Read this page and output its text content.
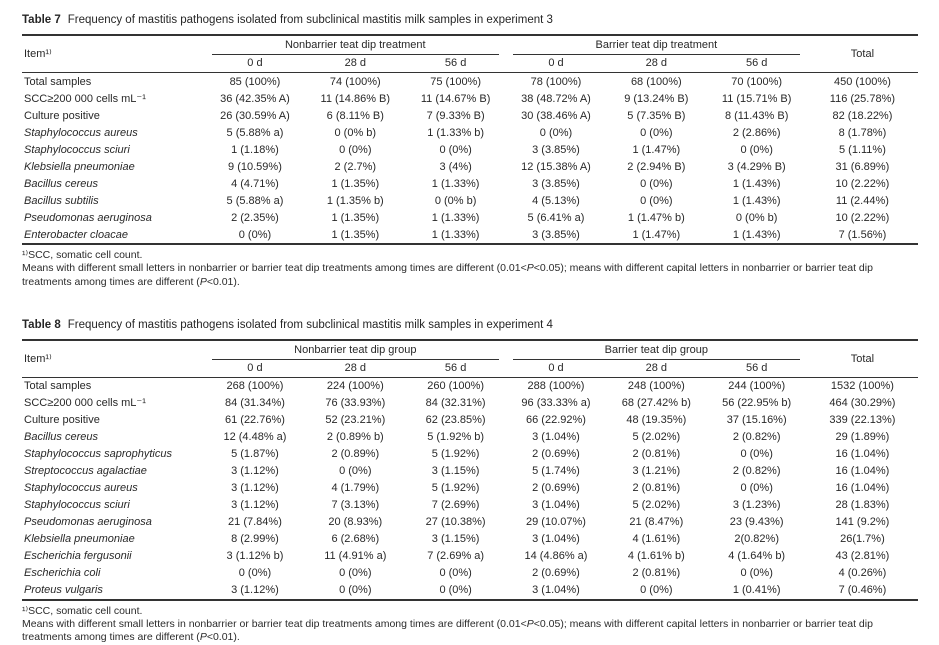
Table 7 Frequency of mastitis pathogens isolated from subclinical mastitis milk samples in experiment 3

Item¹⁾	Nonbarrier teat dip treatment			Barrier teat dip treatment			Total
	0 d	28 d	56 d	0 d	28 d	56 d	
Total samples	85 (100%)	74 (100%)	75 (100%)	78 (100%)	68 (100%)	70 (100%)	450 (100%)
SCC≥200 000 cells mL⁻¹	36 (42.35% A)	11 (14.86% B)	11 (14.67% B)	38 (48.72% A)	9 (13.24% B)	11 (15.71% B)	116 (25.78%)
Culture positive	26 (30.59% A)	6 (8.11% B)	7 (9.33% B)	30 (38.46% A)	5 (7.35% B)	8 (11.43% B)	82 (18.22%)
Staphylococcus aureus	5 (5.88% a)	0 (0% b)	1 (1.33% b)	0 (0%)	0 (0%)	2 (2.86%)	8 (1.78%)
Staphylococcus sciuri	1 (1.18%)	0 (0%)	0 (0%)	3 (3.85%)	1 (1.47%)	0 (0%)	5 (1.11%)
Klebsiella pneumoniae	9 (10.59%)	2 (2.7%)	3 (4%)	12 (15.38% A)	2 (2.94% B)	3 (4.29% B)	31 (6.89%)
Bacillus cereus	4 (4.71%)	1 (1.35%)	1 (1.33%)	3 (3.85%)	0 (0%)	1 (1.43%)	10 (2.22%)
Bacillus subtilis	5 (5.88% a)	1 (1.35% b)	0 (0% b)	4 (5.13%)	0 (0%)	1 (1.43%)	11 (2.44%)
Pseudomonas aeruginosa	2 (2.35%)	1 (1.35%)	1 (1.33%)	5 (6.41% a)	1 (1.47% b)	0 (0% b)	10 (2.22%)
Enterobacter cloacae	0 (0%)	1 (1.35%)	1 (1.33%)	3 (3.85%)	1 (1.47%)	1 (1.43%)	7 (1.56%)

¹⁾SCC, somatic cell count.

Means with different small letters in nonbarrier or barrier teat dip treatments among times are different (0.01<P<0.05); means with different capital letters in nonbarrier or barrier teat dip treatments among times are different (P<0.01).

Table 8 Frequency of mastitis pathogens isolated from subclinical mastitis milk samples in experiment 4

Item¹⁾	Nonbarrier teat dip group			Barrier teat dip group			Total
	0 d	28 d	56 d	0 d	28 d	56 d	
Total samples	268 (100%)	224 (100%)	260 (100%)	288 (100%)	248 (100%)	244 (100%)	1532 (100%)
SCC≥200 000 cells mL⁻¹	84 (31.34%)	76 (33.93%)	84 (32.31%)	96 (33.33% a)	68 (27.42% b)	56 (22.95% b)	464 (30.29%)
Culture positive	61 (22.76%)	52 (23.21%)	62 (23.85%)	66 (22.92%)	48 (19.35%)	37 (15.16%)	339 (22.13%)
Bacillus cereus	12 (4.48% a)	2 (0.89% b)	5 (1.92% b)	3 (1.04%)	5 (2.02%)	2 (0.82%)	29 (1.89%)
Staphylococcus saprophyticus	5 (1.87%)	2 (0.89%)	5 (1.92%)	2 (0.69%)	2 (0.81%)	0 (0%)	16 (1.04%)
Streptococcus agalactiae	3 (1.12%)	0 (0%)	3 (1.15%)	5 (1.74%)	3 (1.21%)	2 (0.82%)	16 (1.04%)
Staphylococcus aureus	3 (1.12%)	4 (1.79%)	5 (1.92%)	2 (0.69%)	2 (0.81%)	0 (0%)	16 (1.04%)
Staphylococcus sciuri	3 (1.12%)	7 (3.13%)	7 (2.69%)	3 (1.04%)	5 (2.02%)	3 (1.23%)	28 (1.83%)
Pseudomonas aeruginosa	21 (7.84%)	20 (8.93%)	27 (10.38%)	29 (10.07%)	21 (8.47%)	23 (9.43%)	141 (9.2%)
Klebsiella pneumoniae	8 (2.99%)	6 (2.68%)	3 (1.15%)	3 (1.04%)	4 (1.61%)	2(0.82%)	26(1.7%)
Escherichia fergusonii	3 (1.12% b)	11 (4.91% a)	7 (2.69% a)	14 (4.86% a)	4 (1.61% b)	4 (1.64% b)	43 (2.81%)
Escherichia coli	0 (0%)	0 (0%)	0 (0%)	2 (0.69%)	2 (0.81%)	0 (0%)	4 (0.26%)
Proteus vulgaris	3 (1.12%)	0 (0%)	0 (0%)	3 (1.04%)	0 (0%)	1 (0.41%)	7 (0.46%)

¹⁾SCC, somatic cell count.

Means with different small letters in nonbarrier or barrier teat dip treatments among times are different (0.01<P<0.05); means with different capital letters in nonbarrier or barrier teat dip treatments among times are different (P<0.01).
